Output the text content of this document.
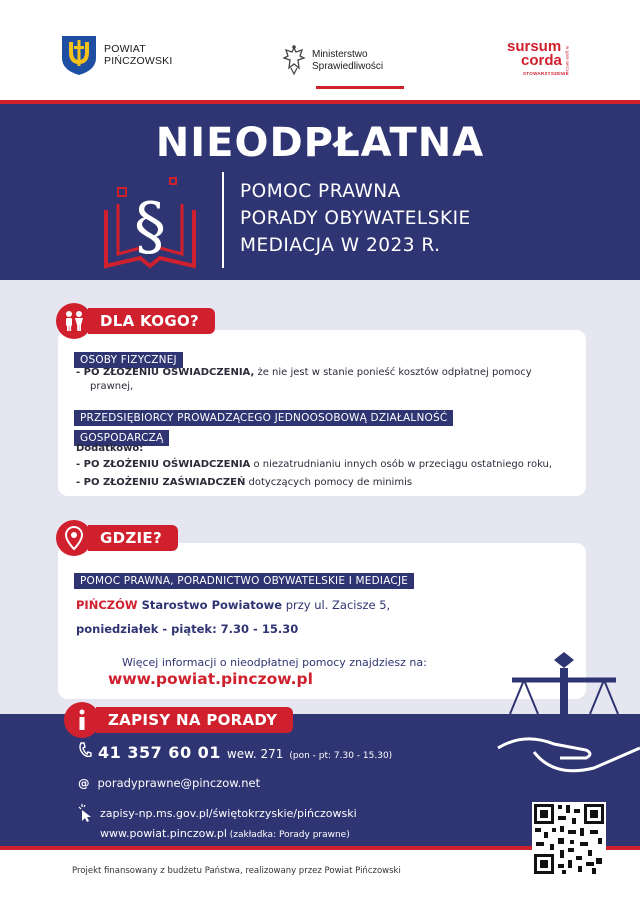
POWIAT
PIŃCZOWSKI
Ministerstwo
Sprawiedliwości
sursum
corda
STOWARZYSZENIE
w gore serca
NIEODPŁATNA
§	POMOC PRAWNA
PORADY OBYWATELSKIE
MEDIACJA W 2023 R.
DLA KOGO?
OSOBY FIZYCZNEJ
- PO ZŁOŻENIU OŚWIADCZENIA, że nie jest w stanie ponieść kosztów odpłatnej pomocy
prawnej,
PRZEDSIĘBIORCY PROWADZĄCEGO JEDNOOSOBOWĄ DZIAŁALNOŚĆ
GOSPODARCZĄ
Dodatkowo:
- PO ZŁOŻENIU OŚWIADCZENIA o niezatrudnianiu innych osób w przeciągu ostatniego roku,
- PO ZŁOŻENIU ZAŚWIADCZEŃ dotyczących pomocy de minimis
GDZIE?
POMOC PRAWNA, PORADNICTWO OBYWATELSKIE I MEDIACJE
PIŃCZÓW Starostwo Powiatowe przy ul. Zacisze 5,
poniedziałek - piątek: 7.30 - 15.30
Więcej informacji o nieodpłatnej pomocy znajdziesz na:
www.powiat.pinczow.pl
ZAPISY NA PORADY
41 357 60 01 wew. 271 (pon - pt: 7.30 - 15.30)
@ poradyprawne@pinczow.net
zapisy-np.ms.gov.pl/świętokrzyskie/pińczowski
www.powiat.pinczow.pl (zakładka: Porady prawne)
Projekt finansowany z budżetu Państwa, realizowany przez Powiat Pińczowski
